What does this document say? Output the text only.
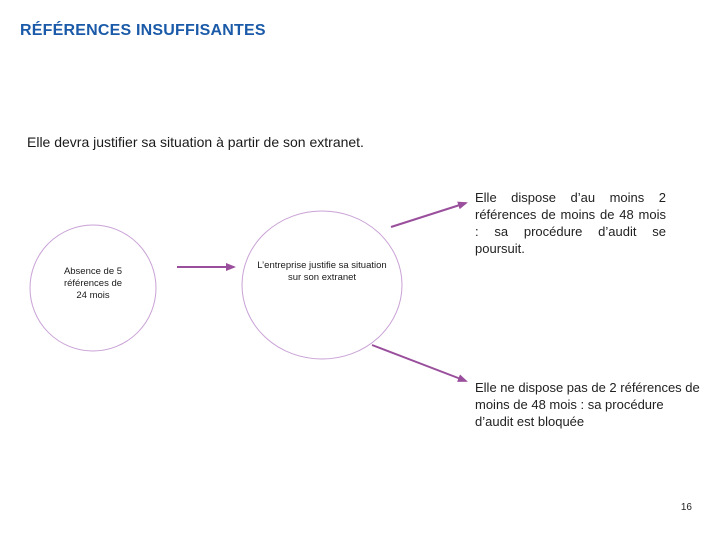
RÉFÉRENCES INSUFFISANTES
Elle devra justifier sa situation à partir de son extranet.
Absence de 5 références de 24 mois
L’entreprise justifie sa situation sur son extranet
Elle dispose d’au moins 2 références de moins de 48 mois : sa procédure d’audit se poursuit.
Elle ne dispose pas de 2 références de moins de 48 mois : sa procédure d’audit est bloquée
16
